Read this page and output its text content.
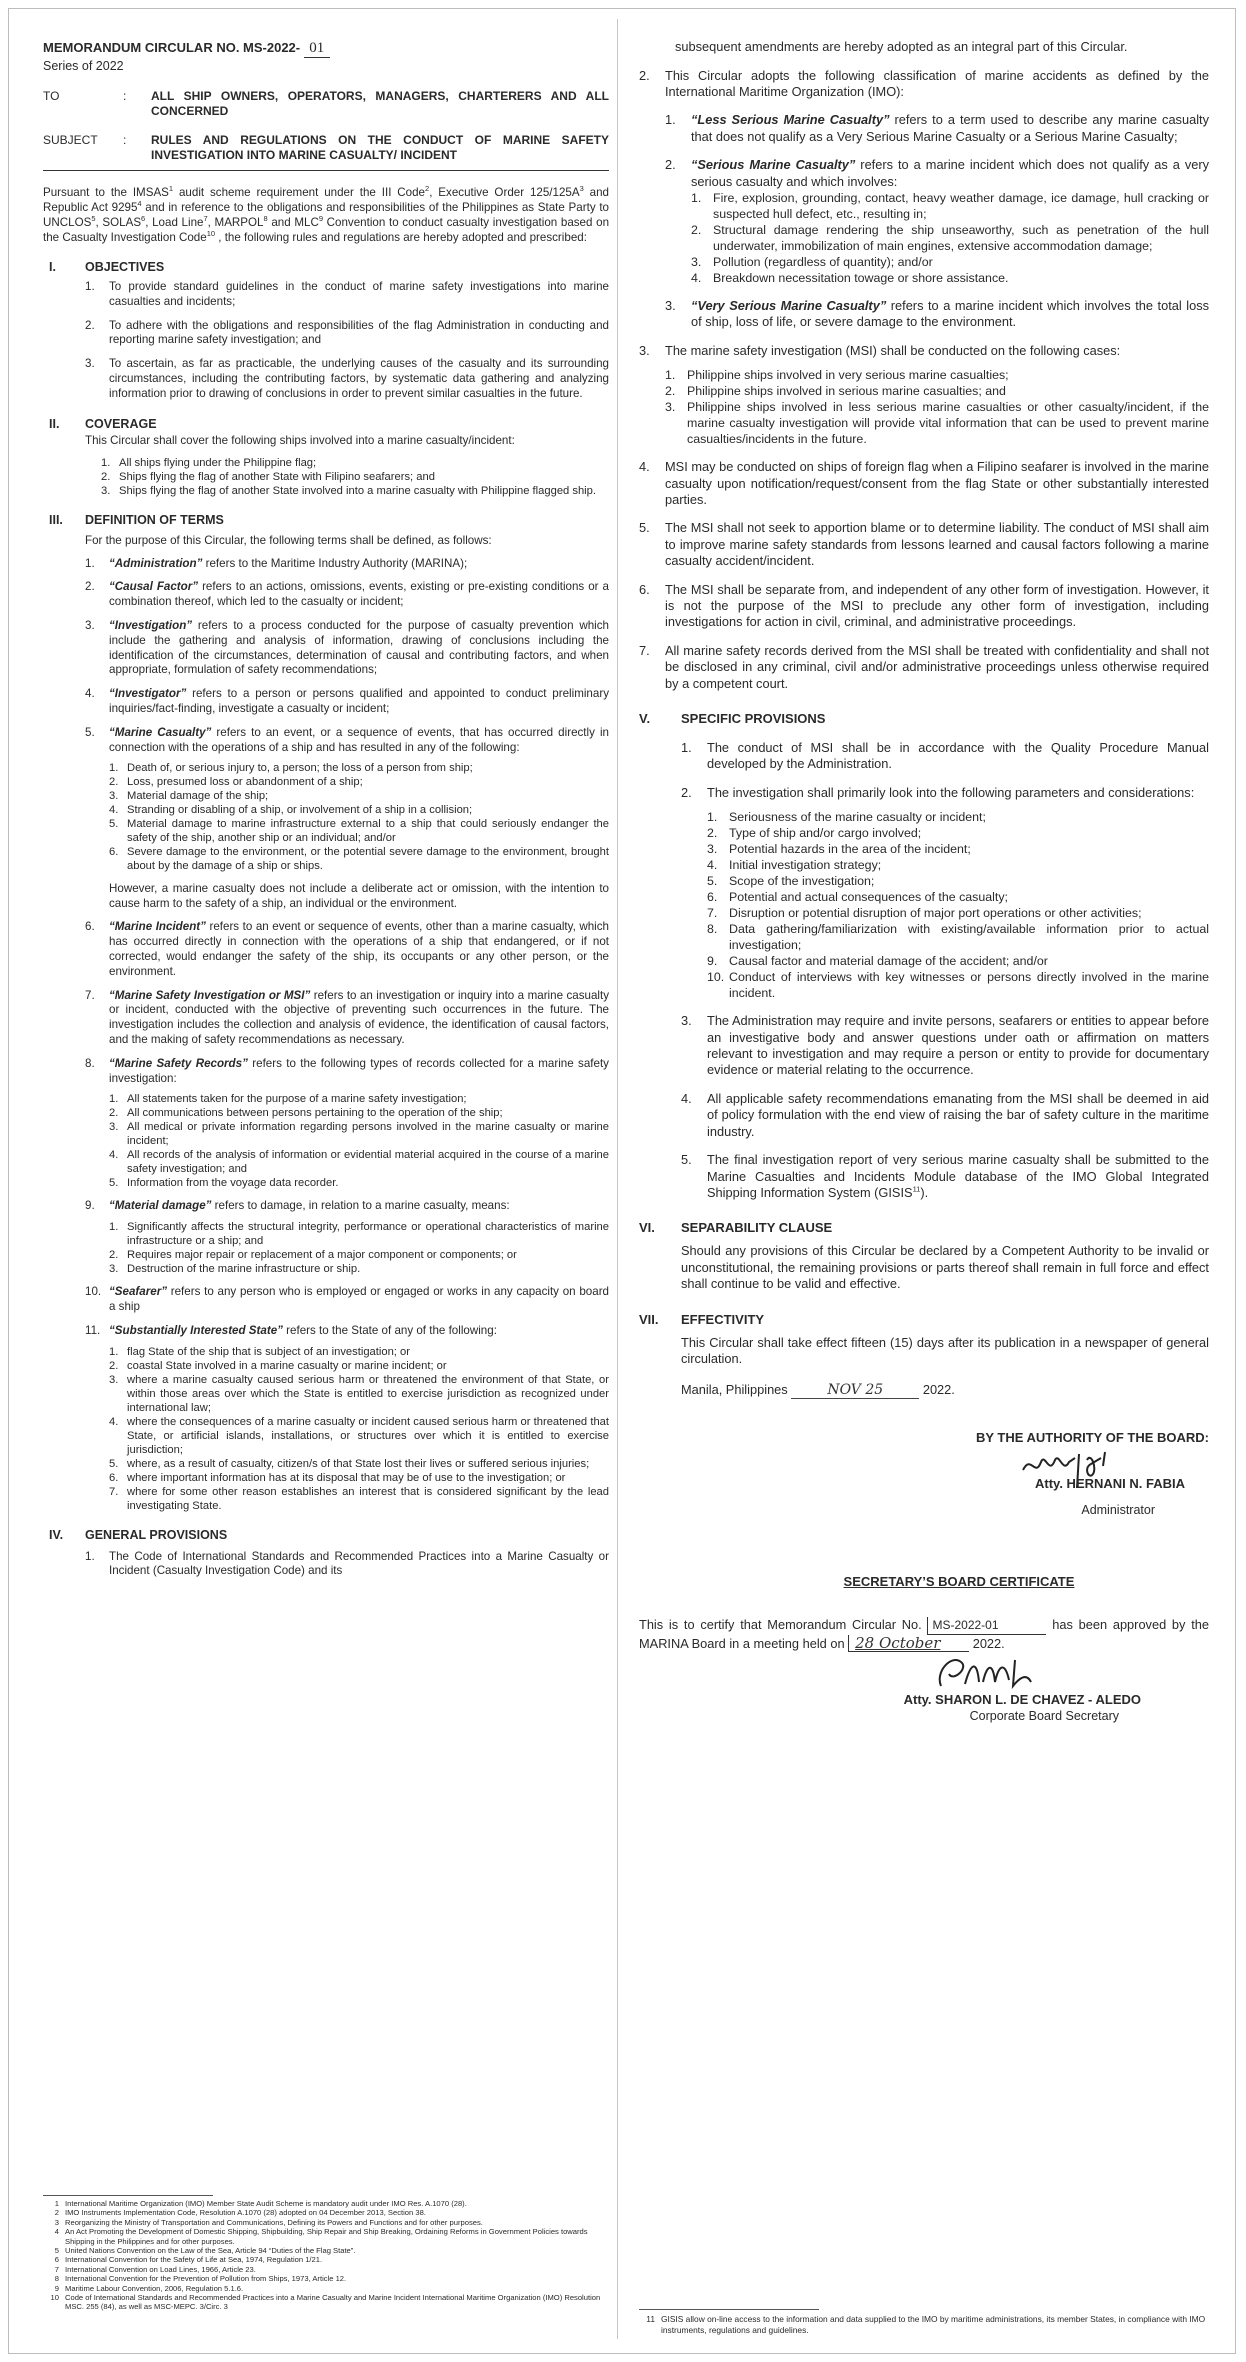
MEMORANDUM CIRCULAR NO. MS-2022- 01

Series of 2022

TO	:	ALL SHIP OWNERS, OPERATORS, MANAGERS, CHARTERERS AND ALL CONCERNED
SUBJECT	:	RULES AND REGULATIONS ON THE CONDUCT OF MARINE SAFETY INVESTIGATION INTO MARINE CASUALTY/ INCIDENT

Pursuant to the IMSAS$^1$ audit scheme requirement under the III Code$^2$, Executive Order $125/125A^3$ and Republic Act 9295$^4$ and in reference to the obligations and responsibilities of the Philippines as State Party to UNCLOS$^5$, SOLAS$^6$, Load Line$^7$, MARPOL$^8$ and MLC$^9$ Convention to conduct casualty investigation based on the Casualty Investigation Code$^{10}$ , the following rules and regulations are hereby adopted and prescribed:

I.	OBJECTIVES
1.	To provide standard guidelines in the conduct of marine safety investigations into marine casualties and incidents;
2.	To adhere with the obligations and responsibilities of the flag Administration in conducting and reporting marine safety investigation; and
3.	To ascertain, as far as practicable, the underlying causes of the casualty and its surrounding circumstances, including the contributing factors, by systematic data gathering and analyzing information prior to drawing of conclusions in order to prevent similar casualties in the future.
II.	COVERAGE

This Circular shall cover the following ships involved into a marine casualty/incident:

1. All ships flying under the Philippine flag;
2. Ships flying the flag of another State with Filipino seafarers; and
3. Ships flying the flag of another State involved into a marine casualty with Philippine flagged ship.
III.	DEFINITION OF TERMS

For the purpose of this Circular, the following terms shall be defined, as follows:

1.	“Administration” refers to the Maritime Industry Authority (MARINA);
2.	“Causal Factor” refers to an actions, omissions, events, existing or pre-existing conditions or a combination thereof, which led to the casualty or incident;
3.	“Investigation” refers to a process conducted for the purpose of casualty prevention which include the gathering and analysis of information, drawing of conclusions including the identification of the circumstances, determination of causal and contributing factors, and when appropriate, formulation of safety recommendations;
4.	“Investigator” refers to a person or persons qualified and appointed to conduct preliminary inquiries/fact-finding, investigate a casualty or incident;
5.	“Marine Casualty” refers to an event, or a sequence of events, that has occurred directly in connection with the operations of a ship and has resulted in any of the following:
1. Death of, or serious injury to, a person; the loss of a person from ship;
2. Loss, presumed loss or abandonment of a ship;
3. Material damage of the ship;
4. Stranding or disabling of a ship, or involvement of a ship in a collision;
5. Material damage to marine infrastructure external to a ship that could seriously endanger the safety of the ship, another ship or an individual; and/or
6. Severe damage to the environment, or the potential severe damage to the environment, brought about by the damage of a ship or ships.

However, a marine casualty does not include a deliberate act or omission, with the intention to cause harm to the safety of a ship, an individual or the environment.

6.	“Marine Incident” refers to an event or sequence of events, other than a marine casualty, which has occurred directly in connection with the operations of a ship that endangered, or if not corrected, would endanger the safety of the ship, its occupants or any other person, or the environment.
7.	“Marine Safety Investigation or MSI” refers to an investigation or inquiry into a marine casualty or incident, conducted with the objective of preventing such occurrences in the future. The investigation includes the collection and analysis of evidence, the identification of causal factors, and the making of safety recommendations as necessary.
8.	“Marine Safety Records” refers to the following types of records collected for a marine safety investigation:
1. All statements taken for the purpose of a marine safety investigation;
2. All communications between persons pertaining to the operation of the ship;
3. All medical or private information regarding persons involved in the marine casualty or marine incident;
4. All records of the analysis of information or evidential material acquired in the course of a marine safety investigation; and
5. Information from the voyage data recorder.
9.	“Material damage” refers to damage, in relation to a marine casualty, means:
1. Significantly affects the structural integrity, performance or operational characteristics of marine infrastructure or a ship; and
2. Requires major repair or replacement of a major component or components; or
3. Destruction of the marine infrastructure or ship.
10. “Seafarer” refers to any person who is employed or engaged or works in any capacity on board a ship
11. “Substantially Interested State” refers to the State of any of the following:
1. flag State of the ship that is subject of an investigation; or
2. coastal State involved in a marine casualty or marine incident; or
3. where a marine casualty caused serious harm or threatened the environment of that State, or within those areas over which the State is entitled to exercise jurisdiction as recognized under international law;
4. where the consequences of a marine casualty or incident caused serious harm or threatened that State, or artificial islands, installations, or structures over which it is entitled to exercise jurisdiction;
5. where, as a result of casualty, citizen/s of that State lost their lives or suffered serious injuries;
6. where important information has at its disposal that may be of use to the investigation; or
7. where for some other reason establishes an interest that is considered significant by the lead investigating State.
IV.	GENERAL PROVISIONS
1.	The Code of International Standards and Recommended Practices into a Marine Casualty or Incident (Casualty Investigation Code) and its
1 International Maritime Organization (IMO) Member State Audit Scheme is mandatory audit under IMO Res. A.1070 (28).
2 IMO Instruments Implementation Code, Resolution A.1070 (28) adopted on 04 December 2013, Section 38.
3 Reorganizing the Ministry of Transportation and Communications, Defining its Powers and Functions and for other purposes.
4 An Act Promoting the Development of Domestic Shipping, Shipbuilding, Ship Repair and Ship Breaking, Ordaining Reforms in Government Policies towards Shipping in the Philippines and for other purposes.
5 United Nations Convention on the Law of the Sea, Article 94 “Duties of the Flag State”.
6 International Convention for the Safety of Life at Sea, 1974, Regulation 1/21.
7 International Convention on Load Lines, 1966, Article 23.
8 International Convention for the Prevention of Pollution from Ships, 1973, Article 12.
9 Maritime Labour Convention, 2006, Regulation 5.1.6.
10 Code of International Standards and Recommended Practices into a Marine Casualty and Marine Incident International Maritime Organization (IMO) Resolution MSC. 255 (84), as well as MSC-MEPC. 3/Circ. 3

subsequent amendments are hereby adopted as an integral part of this Circular.

2.	This Circular adopts the following classification of marine accidents as defined by the International Maritime Organization (IMO):
1.	“Less Serious Marine Casualty” refers to a term used to describe any marine casualty that does not qualify as a Very Serious Marine Casualty or a Serious Marine Casualty;
2.	“Serious Marine Casualty” refers to a marine incident which does not qualify as a very serious casualty and which involves:
1. Fire, explosion, grounding, contact, heavy weather damage, ice damage, hull cracking or suspected hull defect, etc., resulting in;
2. Structural damage rendering the ship unseaworthy, such as penetration of the hull underwater, immobilization of main engines, extensive accommodation damage;
3. Pollution (regardless of quantity); and/or
4. Breakdown necessitation towage or shore assistance.
3.	“Very Serious Marine Casualty” refers to a marine incident which involves the total loss of ship, loss of life, or severe damage to the environment.
3.	The marine safety investigation (MSI) shall be conducted on the following cases:
1. Philippine ships involved in very serious marine casualties;
2. Philippine ships involved in serious marine casualties; and
3. Philippine ships involved in less serious marine casualties or other casualty/incident, if the marine casualty investigation will provide vital information that can be used to prevent marine casualties/incidents in the future.
4.	MSI may be conducted on ships of foreign flag when a Filipino seafarer is involved in the marine casualty upon notification/request/consent from the flag State or other substantially interested parties.
5.	The MSI shall not seek to apportion blame or to determine liability. The conduct of MSI shall aim to improve marine safety standards from lessons learned and causal factors following a marine casualty accident/incident.
6.	The MSI shall be separate from, and independent of any other form of investigation. However, it is not the purpose of the MSI to preclude any other form of investigation, including investigations for action in civil, criminal, and administrative proceedings.
7.	All marine safety records derived from the MSI shall be treated with confidentiality and shall not be disclosed in any criminal, civil and/or administrative proceedings unless otherwise required by a competent court.
V.	SPECIFIC PROVISIONS
1.	The conduct of MSI shall be in accordance with the Quality Procedure Manual developed by the Administration.
2.	The investigation shall primarily look into the following parameters and considerations:
1. Seriousness of the marine casualty or incident;
2. Type of ship and/or cargo involved;
3. Potential hazards in the area of the incident;
4. Initial investigation strategy;
5. Scope of the investigation;
6. Potential and actual consequences of the casualty;
7. Disruption or potential disruption of major port operations or other activities;
8. Data gathering/familiarization with existing/available information prior to actual investigation;
9. Causal factor and material damage of the accident; and/or
10. Conduct of interviews with key witnesses or persons directly involved in the marine incident.
3.	The Administration may require and invite persons, seafarers or entities to appear before an investigative body and answer questions under oath or affirmation on matters relevant to investigation and may require a person or entity to provide for documentary evidence or material relating to the occurrence.
4.	All applicable safety recommendations emanating from the MSI shall be deemed in aid of policy formulation with the end view of raising the bar of safety culture in the maritime industry.
5.	The final investigation report of very serious marine casualty shall be submitted to the Marine Casualties and Incidents Module database of the IMO Global Integrated Shipping Information System (GISIS$^{11}$).
VI.	SEPARABILITY CLAUSE

Should any provisions of this Circular be declared by a Competent Authority to be invalid or unconstitutional, the remaining provisions or parts thereof shall remain in full force and effect shall continue to be valid and effective.

VII.	EFFECTIVITY

This Circular shall take effect fifteen (15) days after its publication in a newspaper of general circulation.

Manila, Philippines	NOV 25	2022.

BY THE AUTHORITY OF THE BOARD:

Atty. HERNANI N. FABIA

Administrator

SECRETARY’S BOARD CERTIFICATE

This is to certify that Memorandum Circular No. MS-2022-01	has been approved by the MARINA Board in a meeting held on 28 October	2022.

Atty. SHARON L. DE CHAVEZ - ALEDO

Corporate Board Secretary

11 GISIS allow on-line access to the information and data supplied to the IMO by maritime administrations, its member States, in compliance with IMO instruments, regulations and guidelines.
